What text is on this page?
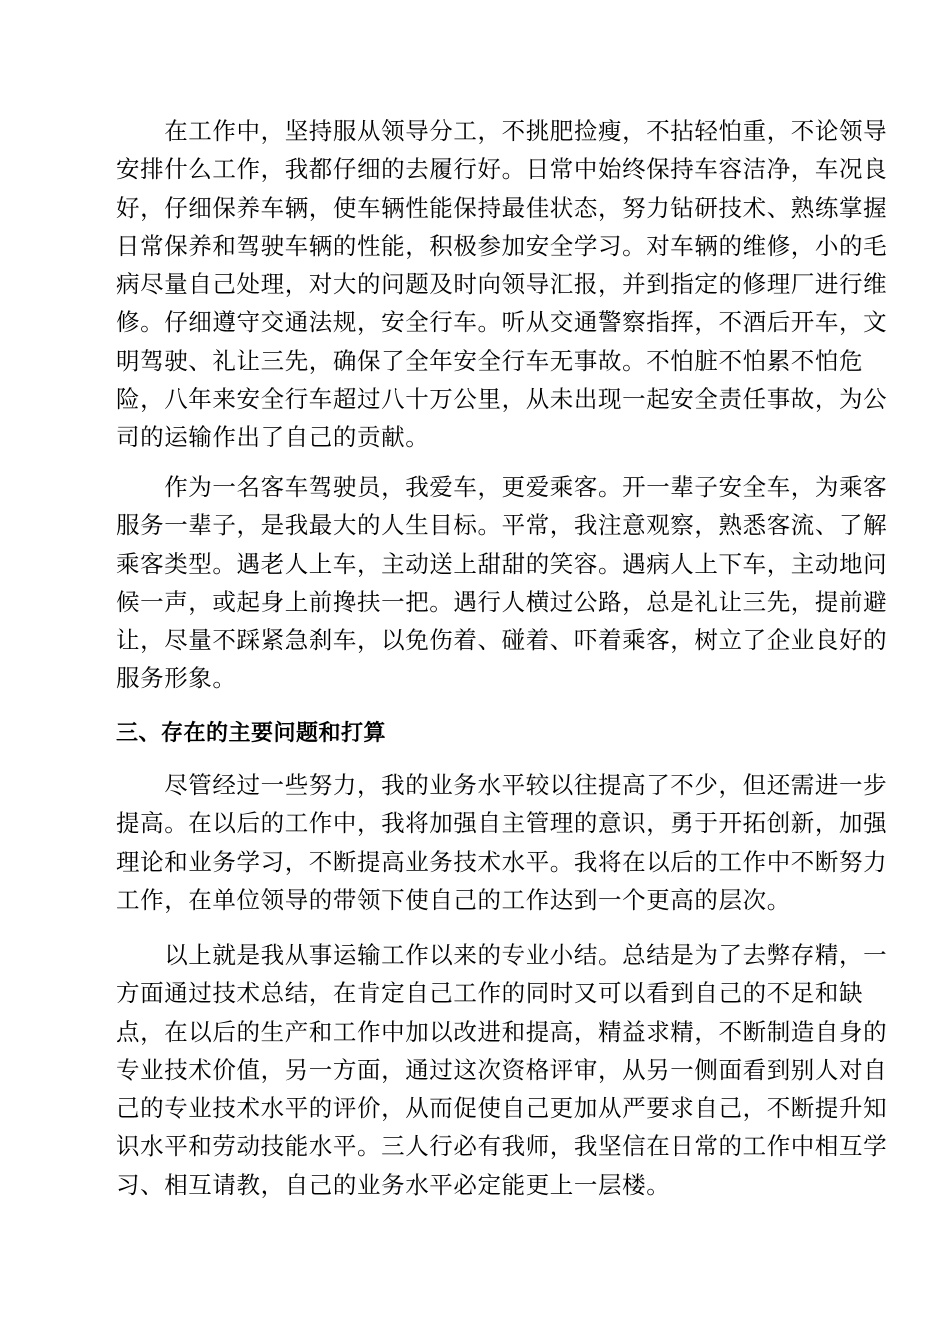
　　在工作中，坚持服从领导分工，不挑肥捡瘦，不拈轻怕重，不论领导
安排什么工作，我都仔细的去履行好。日常中始终保持车容洁净，车况良
好，仔细保养车辆，使车辆性能保持最佳状态，努力钻研技术、熟练掌握
日常保养和驾驶车辆的性能，积极参加安全学习。对车辆的维修，小的毛
病尽量自己处理，对大的问题及时向领导汇报，并到指定的修理厂进行维
修。仔细遵守交通法规，安全行车。听从交通警察指挥，不酒后开车，文
明驾驶、礼让三先，确保了全年安全行车无事故。不怕脏不怕累不怕危
险，八年来安全行车超过八十万公里，从未出现一起安全责任事故，为公
司的运输作出了自己的贡献。

　　作为一名客车驾驶员，我爱车，更爱乘客。开一辈子安全车，为乘客
服务一辈子，是我最大的人生目标。平常，我注意观察，熟悉客流、了解
乘客类型。遇老人上车，主动送上甜甜的笑容。遇病人上下车，主动地问
候一声，或起身上前搀扶一把。遇行人横过公路，总是礼让三先，提前避
让，尽量不踩紧急刹车，以免伤着、碰着、吓着乘客，树立了企业良好的
服务形象。

三、存在的主要问题和打算

　　尽管经过一些努力，我的业务水平较以往提高了不少，但还需进一步
提高。在以后的工作中，我将加强自主管理的意识，勇于开拓创新，加强
理论和业务学习，不断提高业务技术水平。我将在以后的工作中不断努力
工作，在单位领导的带领下使自己的工作达到一个更高的层次。

　　以上就是我从事运输工作以来的专业小结。总结是为了去弊存精，一
方面通过技术总结，在肯定自己工作的同时又可以看到自己的不足和缺
点，在以后的生产和工作中加以改进和提高，精益求精，不断制造自身的
专业技术价值，另一方面，通过这次资格评审，从另一侧面看到别人对自
己的专业技术水平的评价，从而促使自己更加从严要求自己，不断提升知
识水平和劳动技能水平。三人行必有我师，我坚信在日常的工作中相互学
习、相互请教，自己的业务水平必定能更上一层楼。
